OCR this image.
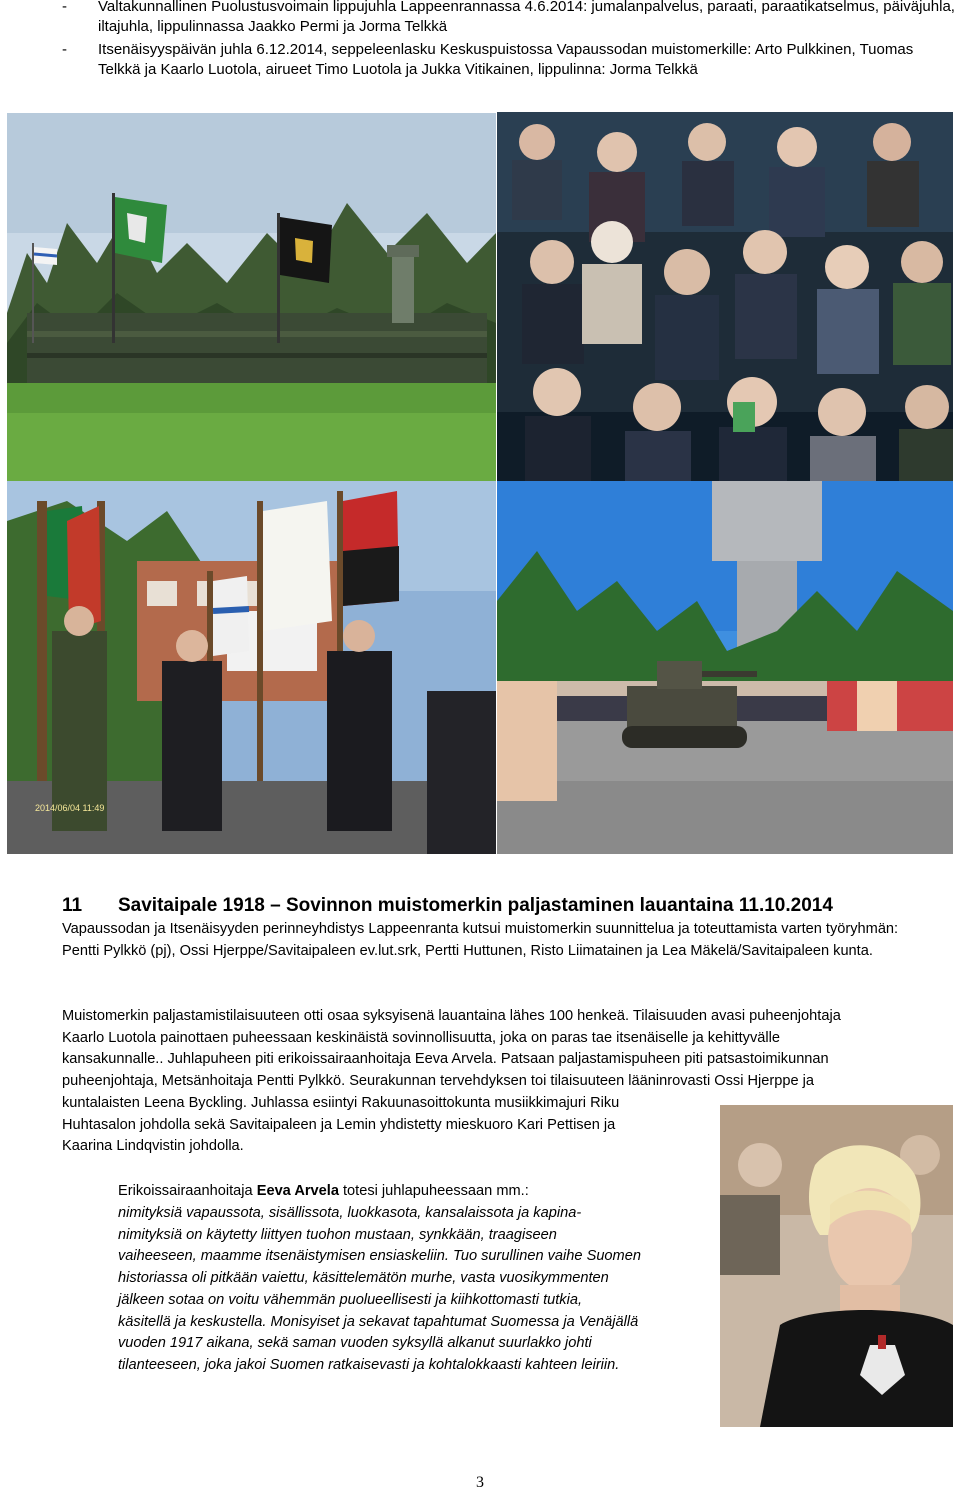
-	Valtakunnallinen Puolustusvoimain lippujuhla Lappeenrannassa 4.6.2014: jumalanpalvelus, paraati, paraatikatselmus, päiväjuhla, iltajuhla, lippulinnassa Jaakko Permi ja Jorma Telkkä
-	Itsenäisyyspäivän juhla 6.12.2014, seppeleenlasku Keskuspuistossa Vapaussodan muistomerkille: Arto Pulkkinen, Tuomas Telkkä ja Kaarlo Luotola, airueet Timo Luotola ja Jukka Vitikainen, lippulinna: Jorma Telkkä
2014/06/04 11:49
11 Savitaipale 1918 – Sovinnon muistomerkin paljastaminen lauantaina 11.10.2014

Vapaussodan ja Itsenäisyyden perinneyhdistys Lappeenranta kutsui muistomerkin suunnittelua ja toteuttamista varten työryhmän: Pentti Pylkkö (pj), Ossi Hjerppe/Savitaipaleen ev.lut.srk, Pertti Huttunen, Risto Liimatainen ja Lea Mäkelä/Savitaipaleen kunta.

Muistomerkin paljastamistilaisuuteen otti osaa syksyisenä lauantaina lähes 100 henkeä. Tilaisuuden avasi puheenjohtaja
Kaarlo Luotola painottaen puheessaan keskinäistä sovinnollisuutta, joka on paras tae itsenäiselle ja kehittyvälle
kansakunnalle.. Juhlapuheen piti erikoissairaanhoitaja Eeva Arvela. Patsaan paljastamispuheen piti patsastoimikunnan
puheenjohtaja, Metsänhoitaja Pentti Pylkkö. Seurakunnan tervehdyksen toi tilaisuuteen lääninrovasti Ossi Hjerppe ja
kuntalaisten Leena Byckling. Juhlassa esiintyi Rakuunasoittokunta musiikkimajuri Riku
Huhtasalon johdolla sekä Savitaipaleen ja Lemin yhdistetty mieskuoro Kari Pettisen ja
Kaarina Lindqvistin johdolla.

Erikoissairaanhoitaja Eeva Arvela totesi juhlapuheessaan mm.:

nimityksiä vapaussota, sisällissota, luokkasota, kansalaissota ja kapina-
nimityksiä on käytetty liittyen tuohon mustaan, synkkään, traagiseen
vaiheeseen, maamme itsenäistymisen ensiaskeliin. Tuo surullinen vaihe Suomen
historiassa oli pitkään vaiettu, käsittelemätön murhe, vasta vuosikymmenten
jälkeen sotaa on voitu vähemmän puolueellisesti ja kiihkottomasti tutkia,
käsitellä ja keskustella. Monisyiset ja sekavat tapahtumat Suomessa ja Venäjällä
vuoden 1917 aikana, sekä saman vuoden syksyllä alkanut suurlakko johti
tilanteeseen, joka jakoi Suomen ratkaisevasti ja kohtalokkaasti kahteen leiriin.
3
